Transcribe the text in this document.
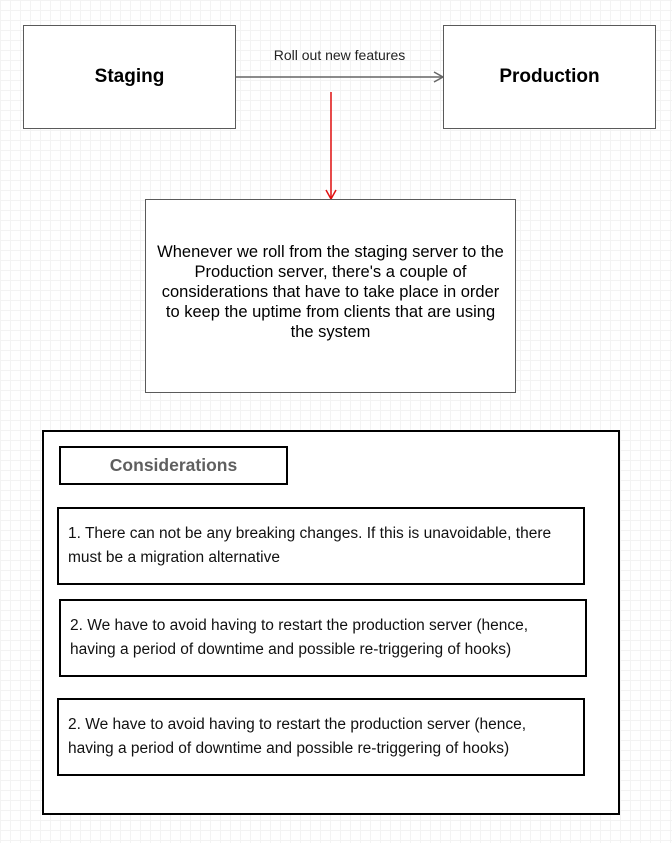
Staging
Roll out new features
Production
Whenever we roll from the staging server to the Production server, there's a couple of considerations that have to take place in order to keep the uptime from clients that are using the system
Considerations
1. There can not be any breaking changes. If this is unavoidable, there must be a migration alternative
2. We have to avoid having to restart the production server (hence, having a period of downtime and possible re-triggering of hooks)
2. We have to avoid having to restart the production server (hence, having a period of downtime and possible re-triggering of hooks)
